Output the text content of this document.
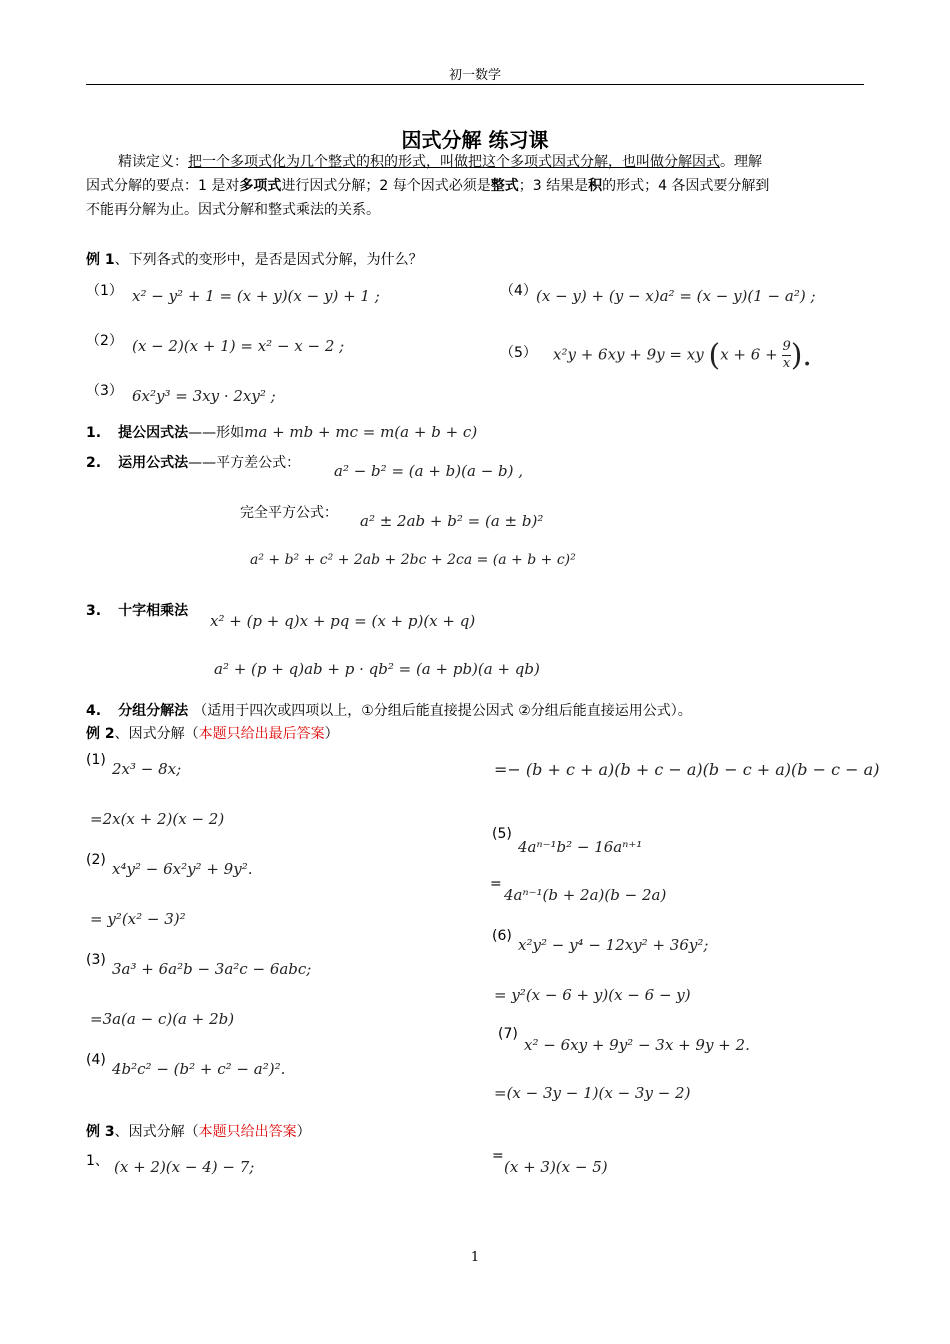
初一数学
因式分解 练习课
精读定义：把一个多项式化为几个整式的积的形式，叫做把这个多项式因式分解，也叫做分解因式。理解
因式分解的要点：1 是对多项式进行因式分解；2 每个因式必须是整式；3 结果是积的形式；4 各因式要分解到
不能再分解为止。因式分解和整式乘法的关系。
例 1、下列各式的变形中，是否是因式分解，为什么？
（1） x² − y² + 1 = (x + y)(x − y) + 1 ;	（4） (x − y) + (y − x)a² = (x − y)(1 − a²) ;
（2） (x − 2)(x + 1) = x² − x − 2 ;	（5） x²y + 6xy + 9y = xy ($x + 6 + \frac{9}{x}$ ).
（3） 6x²y³ = 3xy · 2xy² ;
1. 提公因式法——形如ma + mb + mc = m(a + b + c)
2. 运用公式法——平方差公式： a² − b² = (a + b)(a − b) ,
完全平方公式： a² ± 2ab + b² = (a ± b)²
a² + b² + c² + 2ab + 2bc + 2ca = (a + b + c)²
3. 十字相乘法
x² + (p + q)x + pq = (x + p)(x + q)
a² + (p + q)ab + p · qb² = (a + pb)(a + qb)
4. 分组分解法 （适用于四次或四项以上，①分组后能直接提公因式 ②分组后能直接运用公式）。
例 2、因式分解（本题只给出最后答案）
(1) 2x³ − 8x;
=2x(x + 2)(x − 2)
(2) x⁴y² − 6x²y² + 9y².
= y²(x² − 3)²
(3) 3a³ + 6a²b − 3a²c − 6abc;
=3a(a − c)(a + 2b)
(4) 4b²c² − (b² + c² − a²)².
=− (b + c + a)(b + c − a)(b − c + a)(b − c − a)
(5)
4aⁿ⁻¹b² − 16aⁿ⁺¹
=
4aⁿ⁻¹(b + 2a)(b − 2a)
(6) x²y² − y⁴ − 12xy² + 36y²;
= y²(x − 6 + y)(x − 6 − y)
(7)
x² − 6xy + 9y² − 3x + 9y + 2.
=(x − 3y − 1)(x − 3y − 2)
例 3、因式分解（本题只给出答案）
1、 (x + 2)(x − 4) − 7;
=
(x + 3)(x − 5)
1
